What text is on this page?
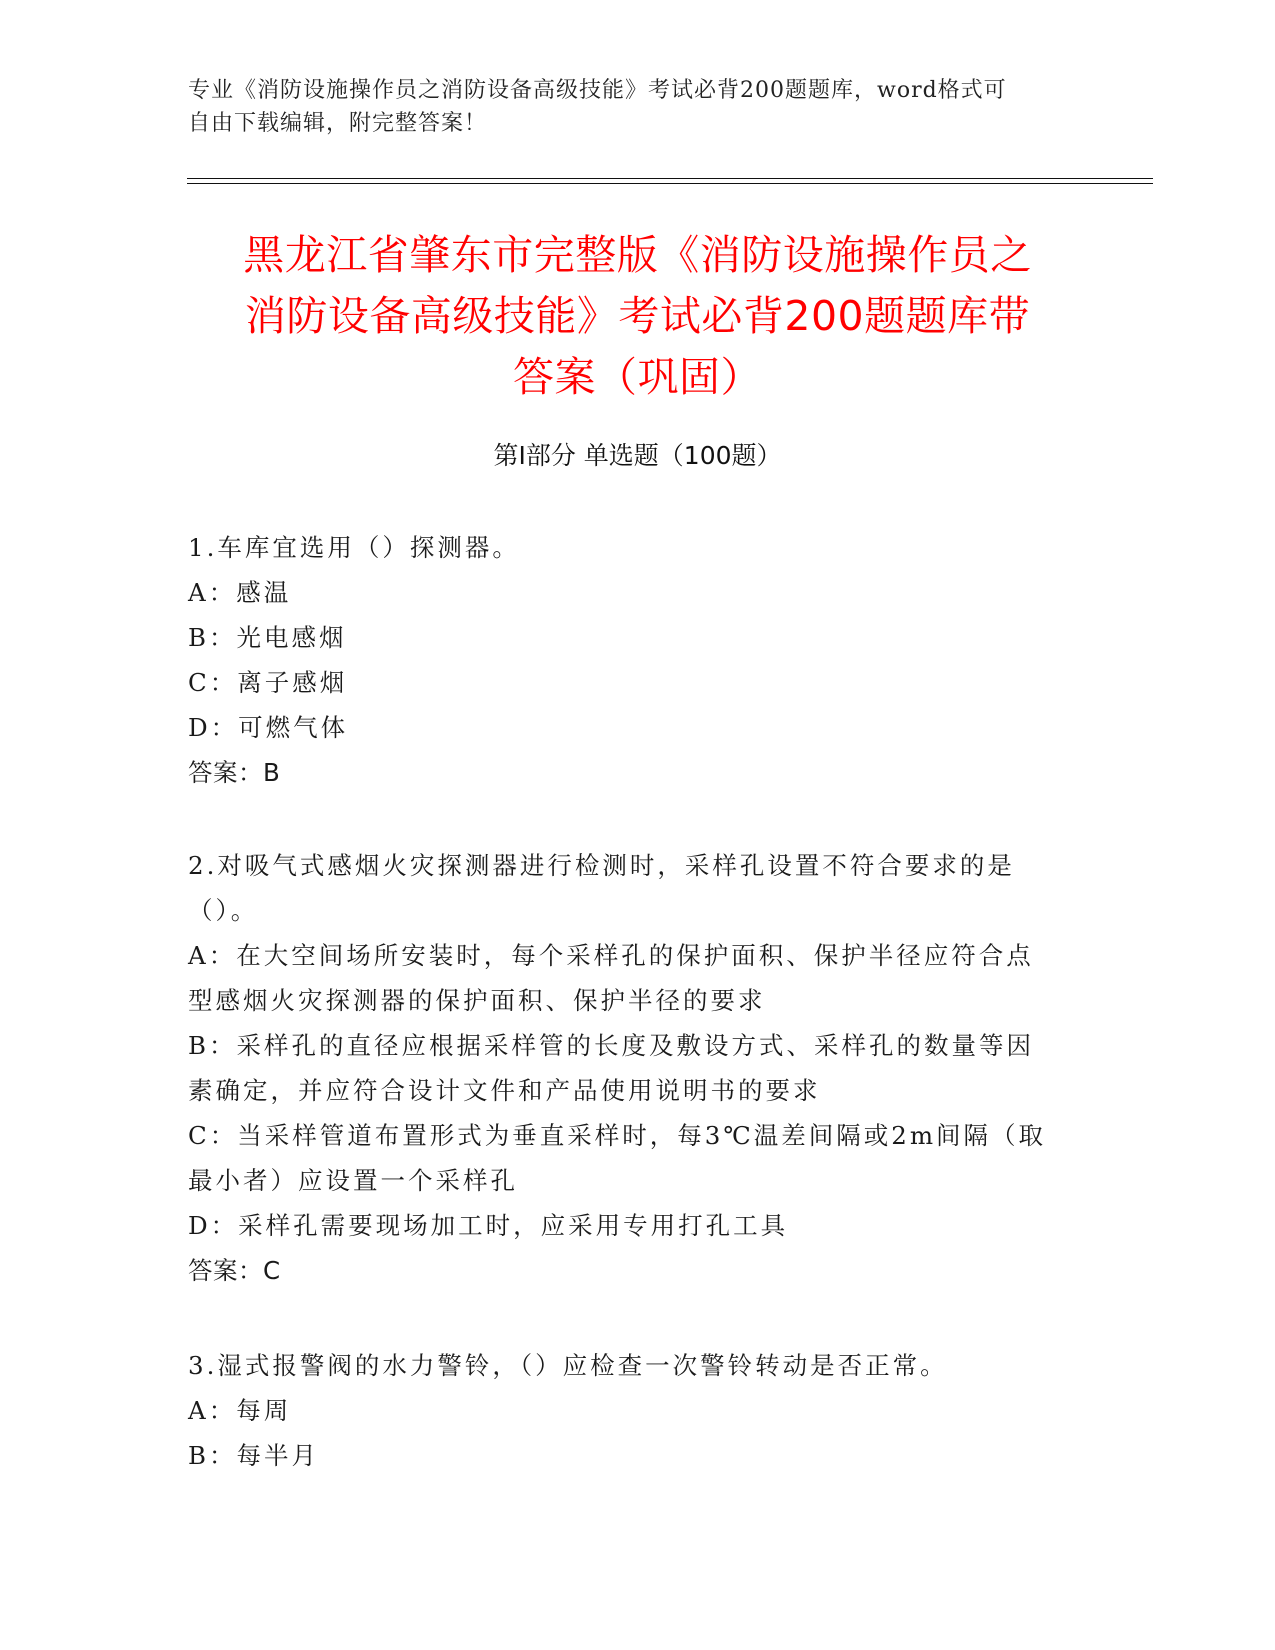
专业《消防设施操作员之消防设备高级技能》考试必背200题题库，word格式可
自由下载编辑，附完整答案！
黑龙江省肇东市完整版《消防设施操作员之
消防设备高级技能》考试必背200题题库带
答案（巩固）
第Ⅰ部分 单选题（100题）

1.车库宜选用（）探测器。

A：感温

B：光电感烟

C：离子感烟

D：可燃气体

答案：B

2.对吸气式感烟火灾探测器进行检测时，采样孔设置不符合要求的是

（）。

A：在大空间场所安装时，每个采样孔的保护面积、保护半径应符合点

型感烟火灾探测器的保护面积、保护半径的要求

B：采样孔的直径应根据采样管的长度及敷设方式、采样孔的数量等因

素确定，并应符合设计文件和产品使用说明书的要求

C：当采样管道布置形式为垂直采样时，每3℃温差间隔或2m间隔（取

最小者）应设置一个采样孔

D：采样孔需要现场加工时，应采用专用打孔工具

答案：C

3.湿式报警阀的水力警铃，（）应检查一次警铃转动是否正常。

A：每周

B：每半月
